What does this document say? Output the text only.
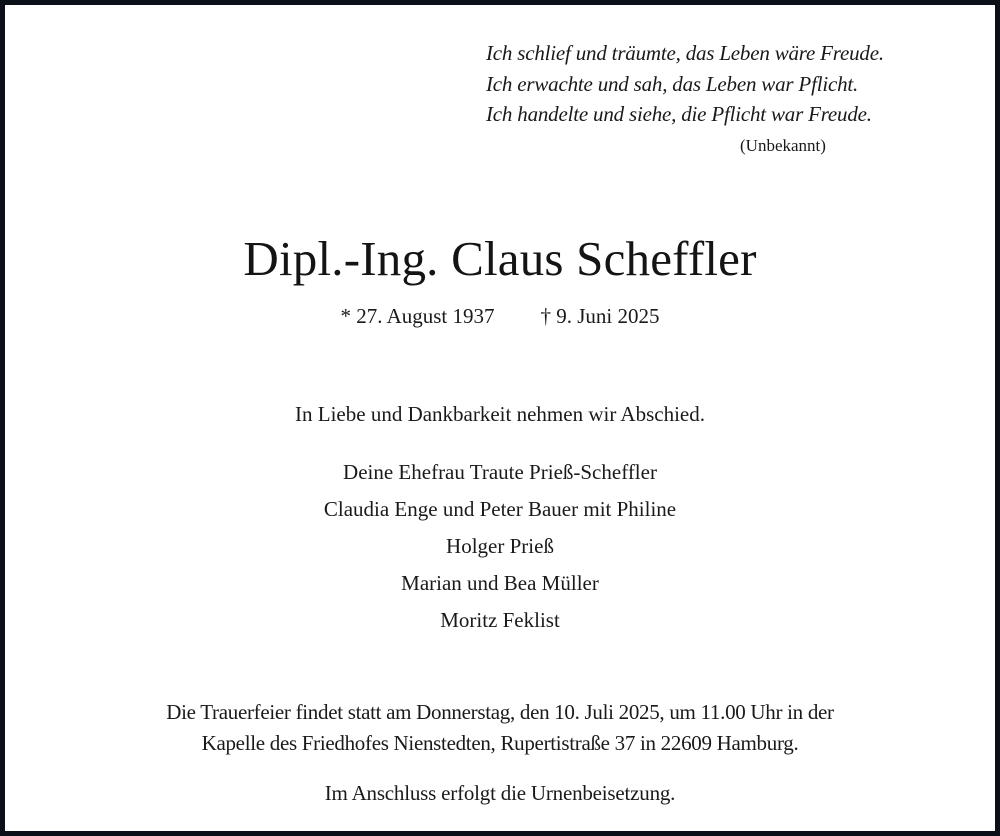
Ich schlief und träumte, das Leben wäre Freude.
Ich erwachte und sah, das Leben war Pflicht.
Ich handelte und siehe, die Pflicht war Freude.
(Unbekannt)
Dipl.-Ing. Claus Scheffler
* 27. August 1937 † 9. Juni 2025
In Liebe und Dankbarkeit nehmen wir Abschied.
Deine Ehefrau Traute Prieß-Scheffler
Claudia Enge und Peter Bauer mit Philine
Holger Prieß
Marian und Bea Müller
Moritz Feklist
Die Trauerfeier findet statt am Donnerstag, den 10. Juli 2025, um 11.00 Uhr in der
Kapelle des Friedhofes Nienstedten, Rupertistraße 37 in 22609 Hamburg.
Im Anschluss erfolgt die Urnenbeisetzung.
